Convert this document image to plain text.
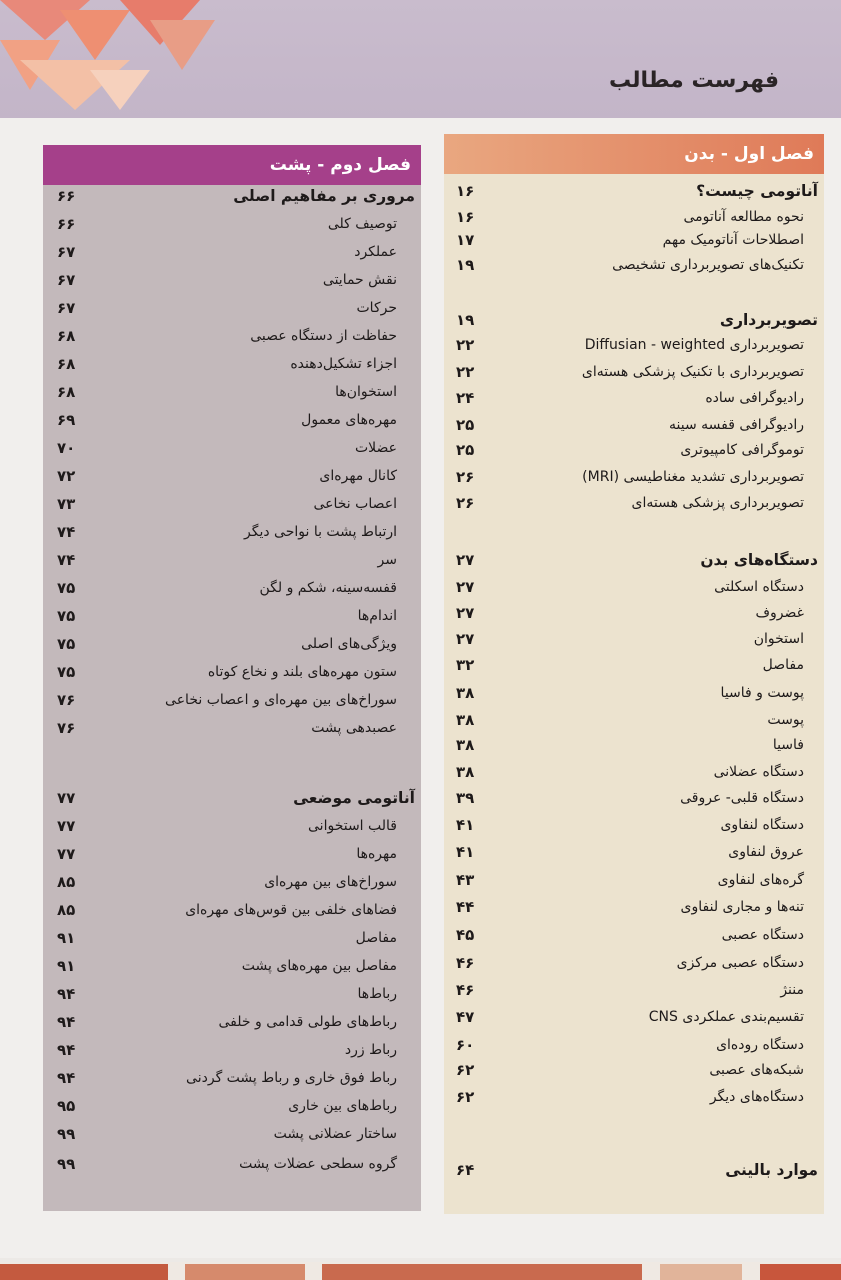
فهرست مطالب
فصل اول - بدن
آناتومی چیست؟
۱۶
نحوه مطالعه آناتومی
۱۶
اصطلاحات آناتومیک مهم
۱۷
تکنیک‌های تصویربرداری تشخیصی
۱۹
تصویربرداری
۱۹
تصویربرداری Diffusian - weighted
۲۲
تصویربرداری با تکنیک پزشکی هسته‌ای
۲۲
رادیوگرافی ساده
۲۴
رادیوگرافی قفسه سینه
۲۵
توموگرافی کامپیوتری
۲۵
تصویربرداری تشدید مغناطیسی (MRI)
۲۶
تصویربرداری پزشکی هسته‌ای
۲۶
دستگاه‌های بدن
۲۷
دستگاه اسکلتی
۲۷
غضروف
۲۷
استخوان
۲۷
مفاصل
۳۲
پوست و فاسیا
۳۸
پوست
۳۸
فاسیا
۳۸
دستگاه عضلانی
۳۸
دستگاه قلبی- عروقی
۳۹
دستگاه لنفاوی
۴۱
عروق لنفاوی
۴۱
گره‌های لنفاوی
۴۳
تنه‌ها و مجاری لنفاوی
۴۴
دستگاه عصبی
۴۵
دستگاه عصبی مرکزی
۴۶
مننژ
۴۶
تقسیم‌بندی عملکردی CNS
۴۷
دستگاه روده‌ای
۶۰
شبکه‌های عصبی
۶۲
دستگاه‌های دیگر
۶۲
موارد بالینی
۶۴
فصل دوم - پشت
مروری بر مفاهیم اصلی
۶۶
توصیف کلی
۶۶
عملکرد
۶۷
نقش حمایتی
۶۷
حرکات
۶۷
حفاظت از دستگاه عصبی
۶۸
اجزاء تشکیل‌دهنده
۶۸
استخوان‌ها
۶۸
مهره‌های معمول
۶۹
عضلات
۷۰
کانال مهره‌ای
۷۲
اعصاب نخاعی
۷۳
ارتباط پشت با نواحی دیگر
۷۴
سر
۷۴
قفسه‌سینه، شکم و لگن
۷۵
اندام‌ها
۷۵
ویژگی‌های اصلی
۷۵
ستون مهره‌های بلند و نخاع کوتاه
۷۵
سوراخ‌های بین مهره‌ای و اعصاب نخاعی
۷۶
عصبدهی پشت
۷۶
آناتومی موضعی
۷۷
قالب استخوانی
۷۷
مهره‌ها
۷۷
سوراخ‌های بین مهره‌ای
۸۵
فضاهای خلفی بین قوس‌های مهره‌ای
۸۵
مفاصل
۹۱
مفاصل بین مهره‌های پشت
۹۱
رباط‌ها
۹۴
رباط‌های طولی قدامی و خلفی
۹۴
رباط زرد
۹۴
رباط فوق خاری و رباط پشت گردنی
۹۴
رباط‌های بین خاری
۹۵
ساختار عضلانی پشت
۹۹
گروه سطحی عضلات پشت
۹۹
